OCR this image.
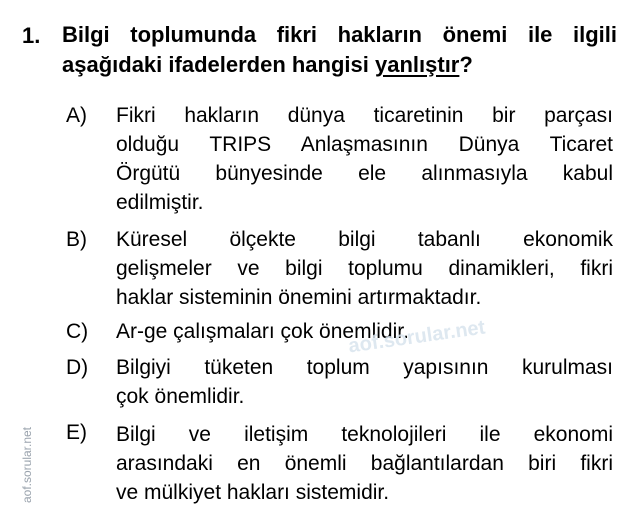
1. Bilgi toplumunda fikri hakların önemi ile ilgili
aşağıdaki ifadelerden hangisi yanlıştır?
A) Fikri hakların dünya ticaretinin bir parçası
olduğu TRIPS Anlaşmasının Dünya Ticaret
Örgütü bünyesinde ele alınmasıyla kabul
edilmiştir.
B) Küresel ölçekte bilgi tabanlı ekonomik
gelişmeler ve bilgi toplumu dinamikleri, fikri
haklar sisteminin önemini artırmaktadır.
C) Ar-ge çalışmaları çok önemlidir.
D) Bilgiyi tüketen toplum yapısının kurulması
çok önemlidir.
E) Bilgi ve iletişim teknolojileri ile ekonomi
arasındaki en önemli bağlantılardan biri fikri
ve mülkiyet hakları sistemidir.
aof.sorular.net
aof.sorular.net
